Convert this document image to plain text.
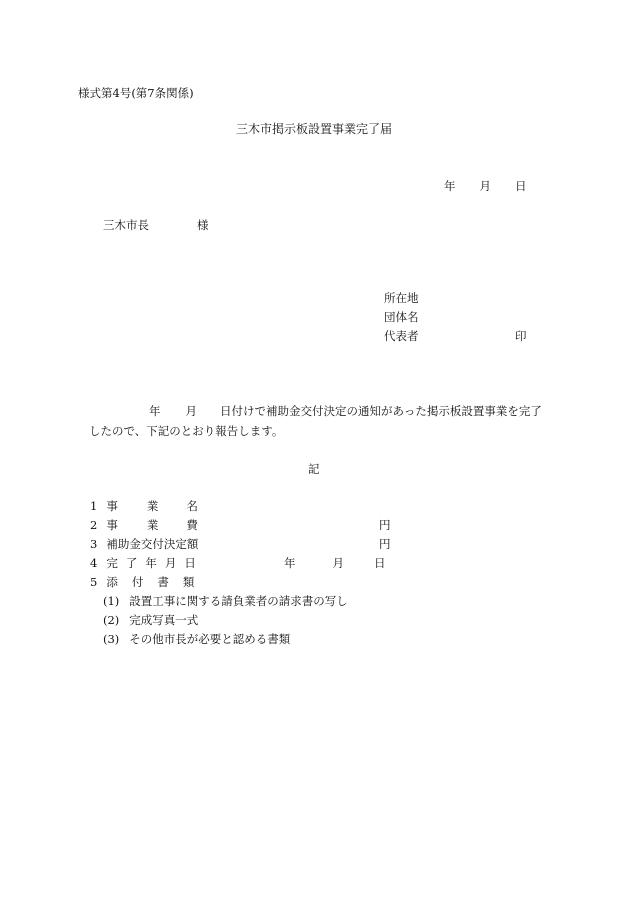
様式第4号(第7条関係)
三木市掲示板設置事業完了届
年 月 日
三木市長	様
所在地
団体名
代表者	印
年 月 日付けで補助金交付決定の通知があった掲示板設置事業を完了
したので、下記のとおり報告します。
記
1 事	業 名
2 事	業 費	円
3 補助金交付決定額	円
4 完 了 年 月 日	年	月	日
5 添 付 書 類
(1) 設置工事に関する請負業者の請求書の写し
(2) 完成写真一式
(3) その他市長が必要と認める書類
